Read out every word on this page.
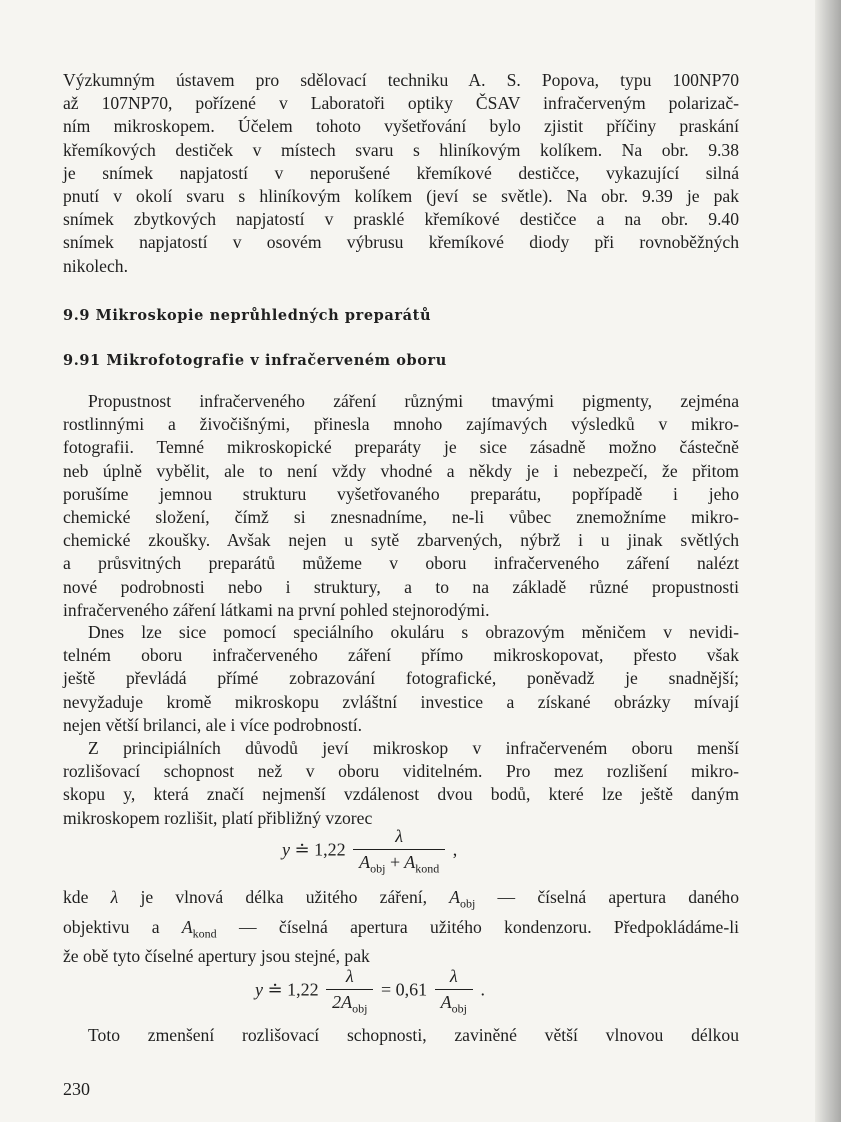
Výzkumným ústavem pro sdělovací techniku A. S. Popova, typu 100NP70
až 107NP70, pořízené v Laboratoři optiky ČSAV infračerveným polarizač-
ním mikroskopem. Účelem tohoto vyšetřování bylo zjistit příčiny praskání
křemíkových destiček v místech svaru s hliníkovým kolíkem. Na obr. 9.38
je snímek napjatostí v neporušené křemíkové destičce, vykazující silná
pnutí v okolí svaru s hliníkovým kolíkem (jeví se světle). Na obr. 9.39 je pak
snímek zbytkových napjatostí v prasklé křemíkové destičce a na obr. 9.40
snímek napjatostí v osovém výbrusu křemíkové diody při rovnoběžných
nikolech.
9.9 Mikroskopie neprůhledných preparátů
9.91 Mikrofotografie v infračerveném oboru
Propustnost infračerveného záření různými tmavými pigmenty, zejména
rostlinnými a živočišnými, přinesla mnoho zajímavých výsledků v mikro-
fotografii. Temné mikroskopické preparáty je sice zásadně možno částečně
neb úplně vybělit, ale to není vždy vhodné a někdy je i nebezpečí, že přitom
porušíme jemnou strukturu vyšetřovaného preparátu, popřípadě i jeho
chemické složení, čímž si znesnadníme, ne-li vůbec znemožníme mikro-
chemické zkoušky. Avšak nejen u sytě zbarvených, nýbrž i u jinak světlých
a průsvitných preparátů můžeme v oboru infračerveného záření nalézt
nové podrobnosti nebo i struktury, a to na základě různé propustnosti
infračerveného záření látkami na první pohled stejnorodými.
Dnes lze sice pomocí speciálního okuláru s obrazovým měničem v nevidi-
telném oboru infračerveného záření přímo mikroskopovat, přesto však
ještě převládá přímé zobrazování fotografické, poněvadž je snadnější;
nevyžaduje kromě mikroskopu zvláštní investice a získané obrázky mívají
nejen větší brilanci, ale i více podrobností.
Z principiálních důvodů jeví mikroskop v infračerveném oboru menší
rozlišovací schopnost než v oboru viditelném. Pro mez rozlišení mikro-
skopu y, která značí nejmenší vzdálenost dvou bodů, které lze ještě daným
mikroskopem rozlišit, platí přibližný vzorec
y ≐ $1,22 \frac{\lambda}{A_{obj} + A_{kond}}$ ,
kde λ je vlnová délka užitého záření, $A_{obj}$ — číselná apertura daného
objektivu a $A_{kond}$ — číselná apertura užitého kondenzoru. Předpokládáme-li
že obě tyto číselné apertury jsou stejné, pak
y ≐ $1,22 \frac{\lambda}{2A_{obj}} = 0,61 \frac{\lambda}{A_{obj}}$ .
Toto zmenšení rozlišovací schopnosti, zaviněné větší vlnovou délkou
230
